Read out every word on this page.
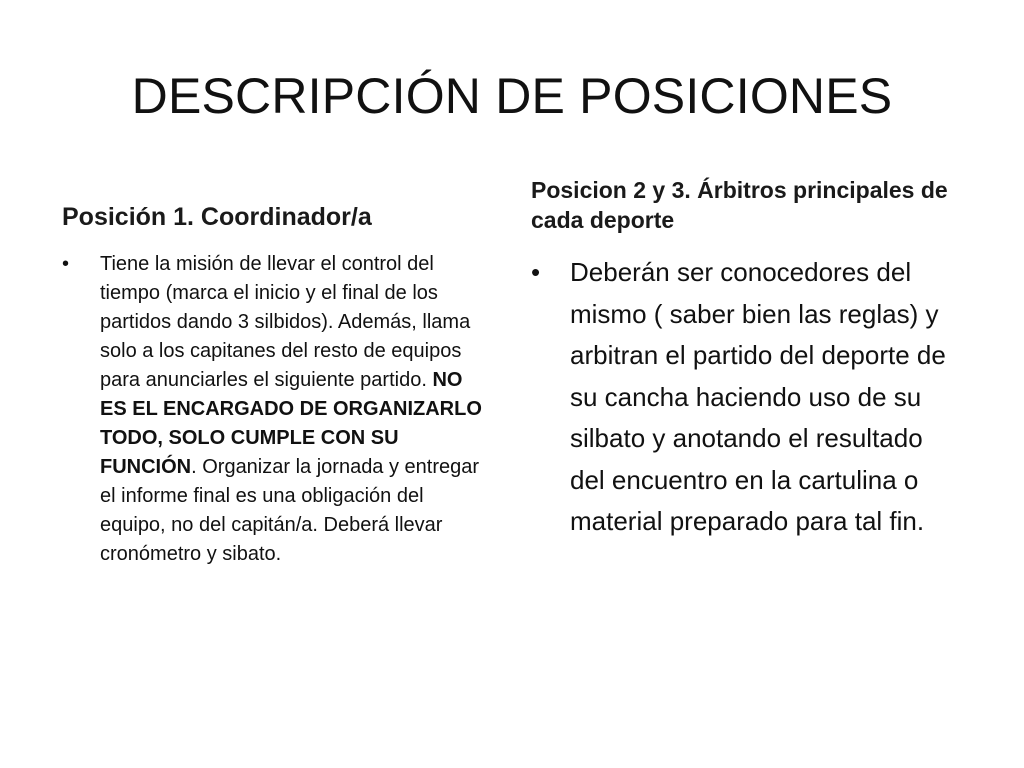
DESCRIPCIÓN DE POSICIONES
Posición 1. Coordinador/a
Posicion 2 y 3. Árbitros principales de cada deporte
• Tiene la misión de llevar el control del tiempo (marca el inicio y el final de los partidos dando 3 silbidos). Además, llama solo a los capitanes del resto de equipos para anunciarles el siguiente partido. NO ES EL ENCARGADO DE ORGANIZARLO TODO, SOLO CUMPLE CON SU FUNCIÓN. Organizar la jornada y entregar el informe final es una obligación del equipo, no del capitán/a. Deberá llevar cronómetro y sibato.
• Deberán ser conocedores del mismo ( saber bien las reglas) y arbitran el partido del deporte de su cancha haciendo uso de su silbato y anotando el resultado del encuentro en la cartulina o material preparado para tal fin.
